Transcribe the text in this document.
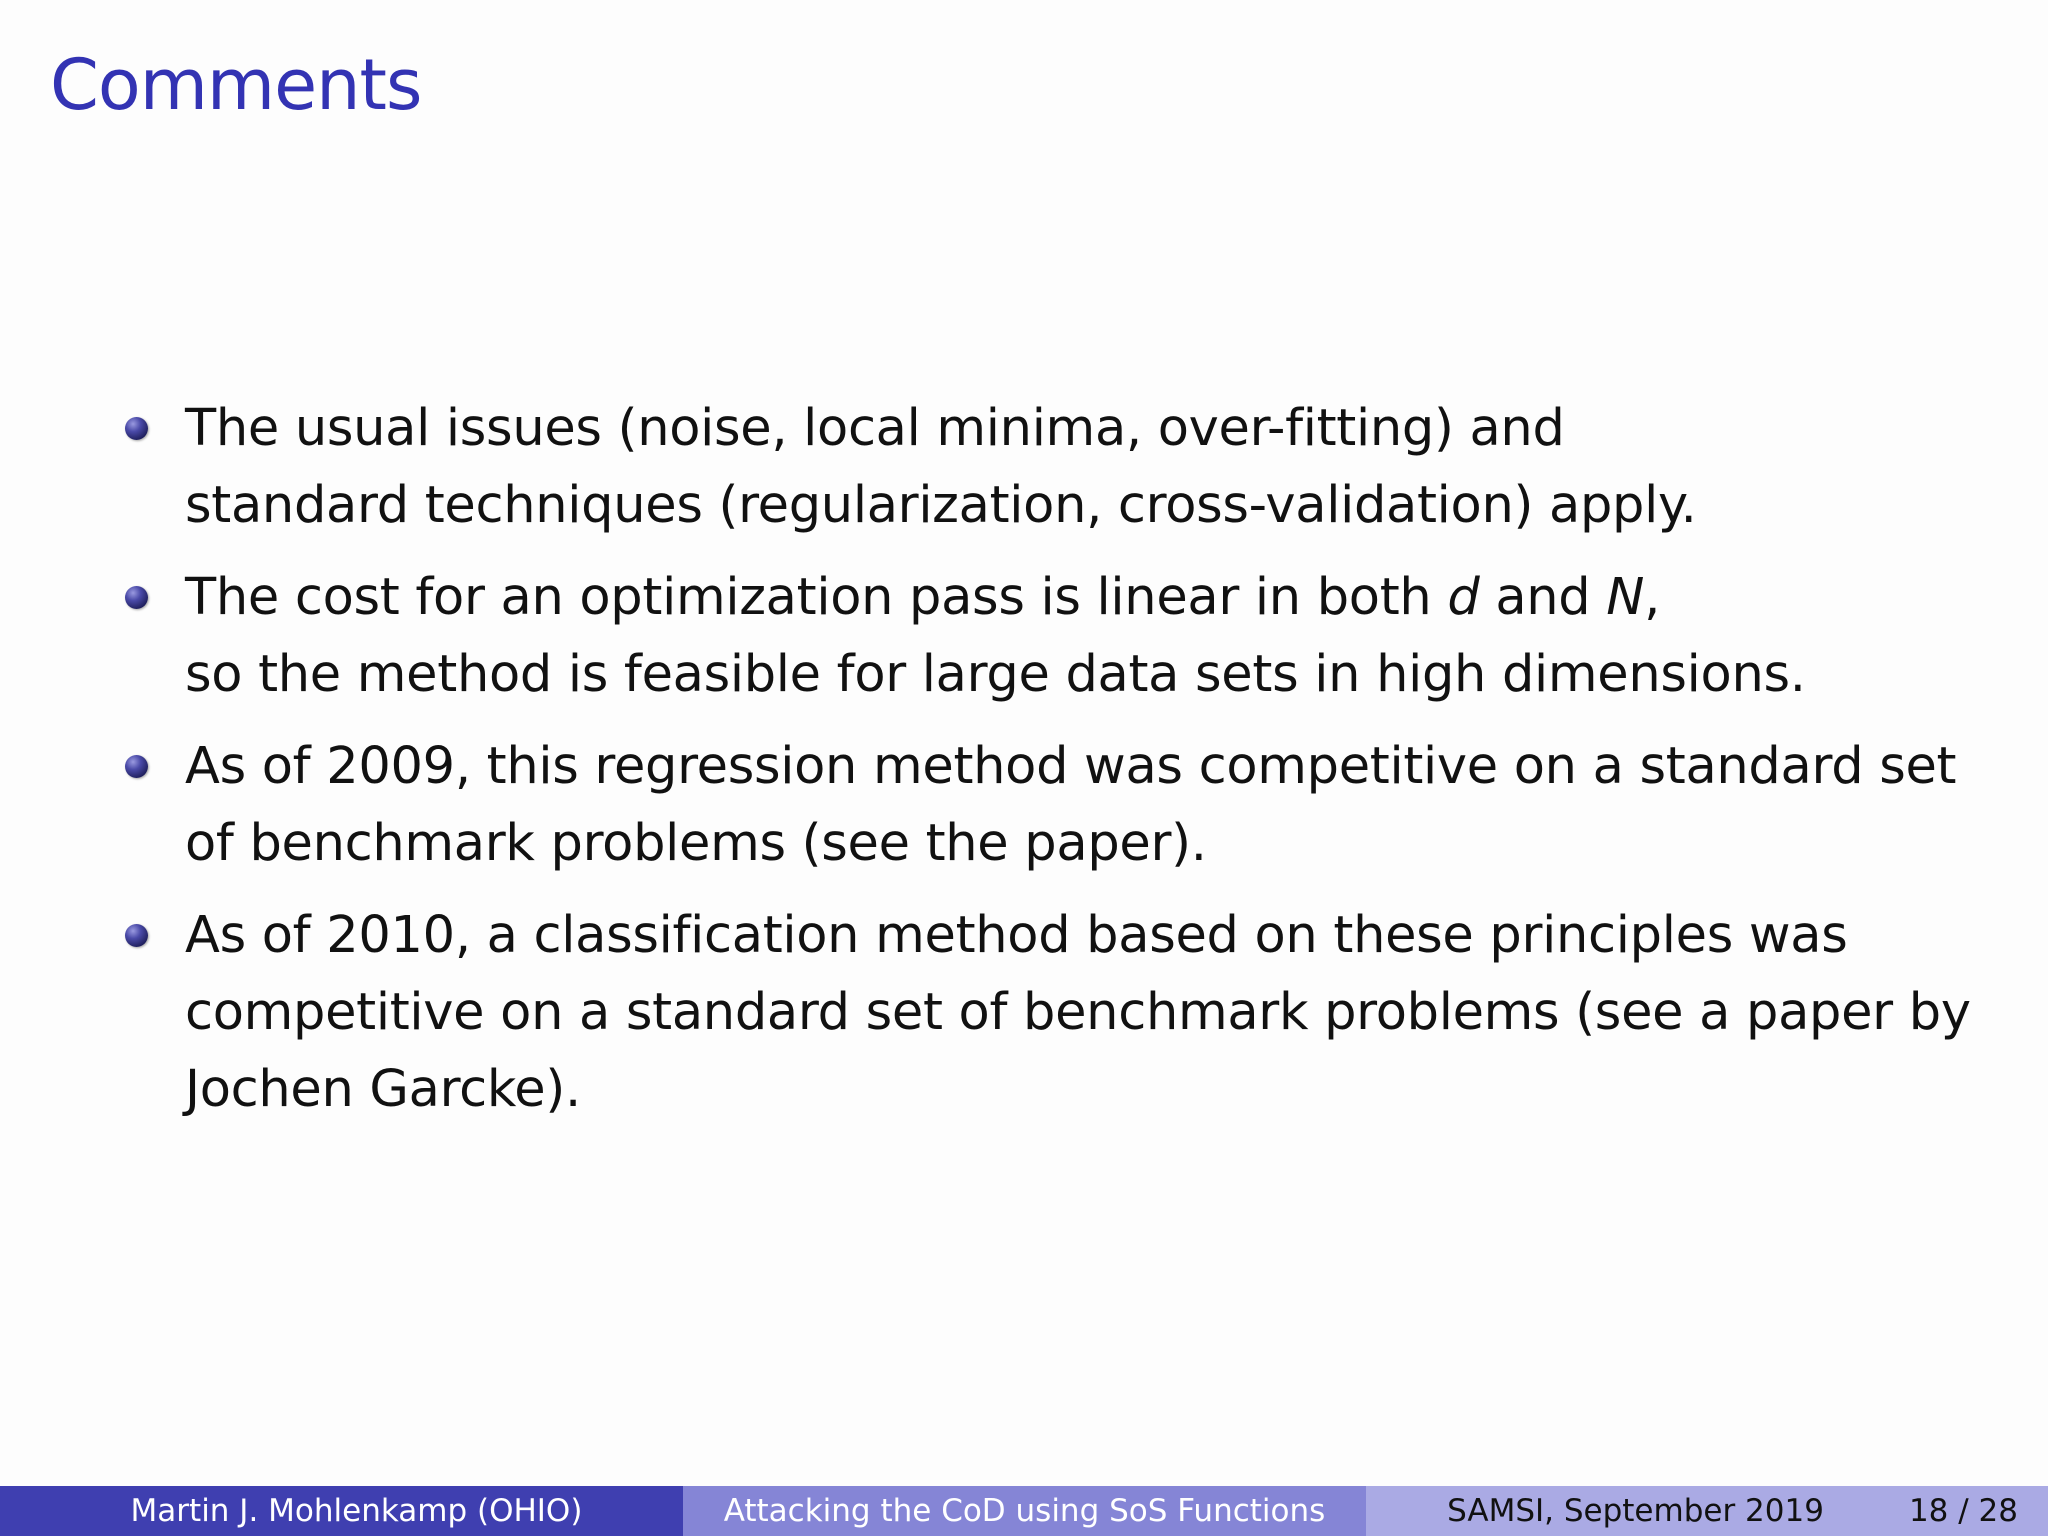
Comments
The usual issues (noise, local minima, over-fitting) and
standard techniques (regularization, cross-validation) apply.
The cost for an optimization pass is linear in both d and N,
so the method is feasible for large data sets in high dimensions.
As of 2009, this regression method was competitive on a standard set
of benchmark problems (see the paper).
As of 2010, a classification method based on these principles was
competitive on a standard set of benchmark problems (see a paper by
Jochen Garcke).
Martin J. Mohlenkamp (OHIO)	Attacking the CoD using SoS Functions	SAMSI, September 2019	18 / 28
